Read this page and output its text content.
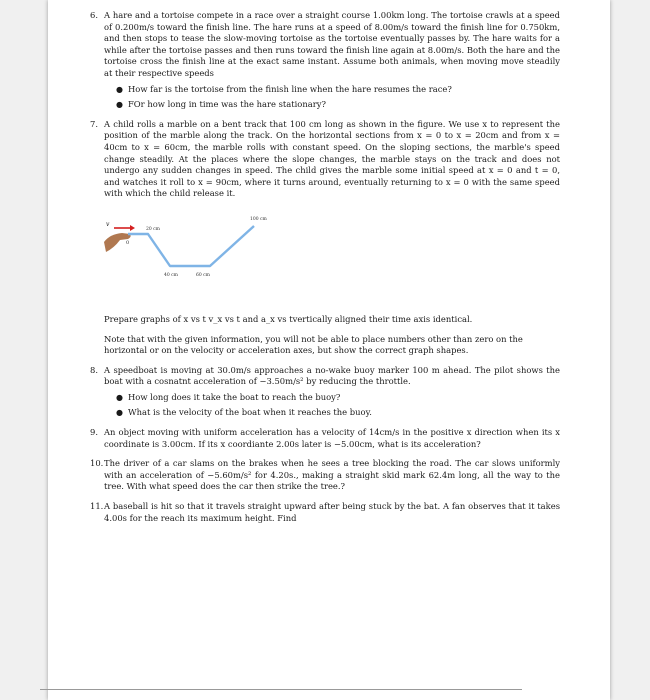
6. A hare and a tortoise compete in a race over a straight course 1.00km long. The tortoise crawls at a speed of 0.200m/s toward the finish line. The hare runs at a speed of 8.00m/s toward the finish line for 0.750km, and then stops to tease the slow-moving tortoise as the tortoise eventually passes by. The hare waits for a while after the tortoise passes and then runs toward the finish line again at 8.00m/s. Both the hare and the tortoise cross the finish line at the exact same instant. Assume both animals, when moving move steadily at their respective speeds
● How far is the tortoise from the finish line when the hare resumes the race?
● FOr how long in time was the hare stationary?
7. A child rolls a marble on a bent track that 100 cm long as shown in the figure. We use x to represent the position of the marble along the track. On the horizontal sections from x = 0 to x = 20cm and from x = 40cm to x = 60cm, the marble rolls with constant speed. On the sloping sections, the marble's speed change steadily. At the places where the slope changes, the marble stays on the track and does not undergo any sudden changes in speed. The child gives the marble some initial speed at x = 0 and t = 0, and watches it roll to x = 90cm, where it turns around, eventually returning to x = 0 with the same speed with which the child release it.
v
0
20 cm
40 cm	60 cm
100 cm
Prepare graphs of x vs t v_x vs t and a_x vs tvertically aligned their time axis identical.
Note that with the given information, you will not be able to place numbers other than zero on the horizontal or on the velocity or acceleration axes, but show the correct graph shapes.
8. A speedboat is moving at 30.0m/s approaches a no-wake buoy marker 100 m ahead. The pilot shows the boat with a cosnatnt acceleration of −3.50m/s² by reducing the throttle.
● How long does it take the boat to reach the buoy?
● What is the velocity of the boat when it reaches the buoy.
9. An object moving with uniform acceleration has a velocity of 14cm/s in the positive x direction when its x coordinate is 3.00cm. If its x coordiante 2.00s later is −5.00cm, what is its acceleration?
10. The driver of a car slams on the brakes when he sees a tree blocking the road. The car slows uniformly with an acceleration of −5.60m/s² for 4.20s., making a straight skid mark 62.4m long, all the way to the tree. With what speed does the car then strike the tree.?
11. A baseball is hit so that it travels straight upward after being stuck by the bat. A fan observes that it takes 4.00s for the reach its maximum height. Find
